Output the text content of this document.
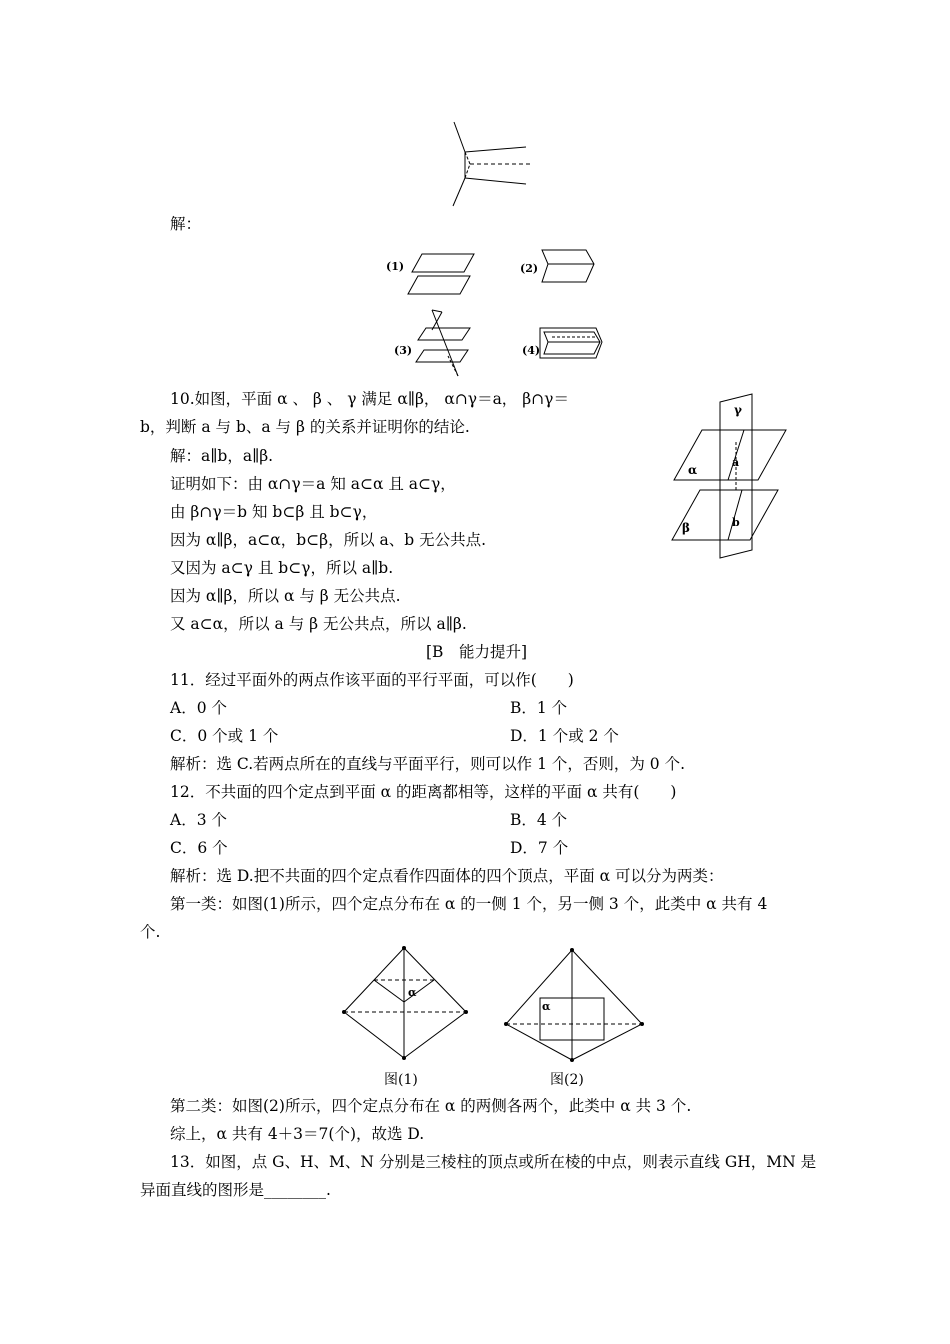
解：
(1)	(2)
(3)	(4)
10.如图，平面 α 、 β 、 γ 满足 α∥β， α∩γ＝a， β∩γ＝
b，判断 a 与 b、a 与 β 的关系并证明你的结论.
解：a∥b，a∥β.
证明如下：由 α∩γ＝a 知 a⊂α 且 a⊂γ，
由 β∩γ＝b 知 b⊂β 且 b⊂γ，
因为 α∥β，a⊂α，b⊂β，所以 a、b 无公共点.
又因为 a⊂γ 且 b⊂γ，所以 a∥b.
因为 α∥β，所以 α 与 β 无公共点.
又 a⊂α，所以 a 与 β 无公共点，所以 a∥β.
γ
α
a
β	b
[B　能力提升]
11．经过平面外的两点作该平面的平行平面，可以作(　　)
A．0 个	B．1 个
C．0 个或 1 个	D．1 个或 2 个
解析：选 C.若两点所在的直线与平面平行，则可以作 1 个，否则，为 0 个.
12．不共面的四个定点到平面 α 的距离都相等，这样的平面 α 共有(　　)
A．3 个	B．4 个
C．6 个	D．7 个
解析：选 D.把不共面的四个定点看作四面体的四个顶点，平面 α 可以分为两类：
第一类：如图(1)所示，四个定点分布在 α 的一侧 1 个，另一侧 3 个，此类中 α 共有 4
个.
α
图(1)
α
图(2)
第二类：如图(2)所示，四个定点分布在 α 的两侧各两个，此类中 α 共 3 个.
综上，α 共有 4＋3＝7(个)，故选 D.
13．如图，点 G、H、M、N 分别是三棱柱的顶点或所在棱的中点，则表示直线 GH，MN 是
异面直线的图形是________.
